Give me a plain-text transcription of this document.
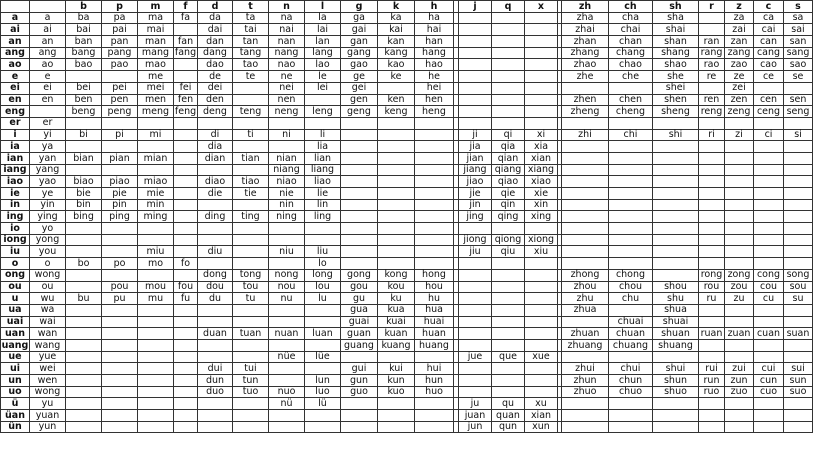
		b	p	m	f	d	t	n	l	g	k	h		j	q	x		zh	ch	sh	r	z	c	s
a	a	ba	pa	ma	fa	da	ta	na	la	ga	ka	ha						zha	cha	sha		za	ca	sa
ai	ai	bai	pai	mai		dai	tai	nai	lai	gai	kai	hai						zhai	chai	shai		zai	cai	sai
an	an	ban	pan	man	fan	dan	tan	nan	lan	gan	kan	han						zhan	chan	shan	ran	zan	can	san
ang	ang	bang	pang	mang	fang	dang	tang	nang	lang	gang	kang	hang						zhang	chang	shang	rang	zang	cang	sang
ao	ao	bao	pao	mao		dao	tao	nao	lao	gao	kao	hao						zhao	chao	shao	rao	zao	cao	sao
e	e			me		de	te	ne	le	ge	ke	he						zhe	che	she	re	ze	ce	se
ei	ei	bei	pei	mei	fei	dei		nei	lei	gei		hei								shei		zei		
en	en	ben	pen	men	fen	den		nen		gen	ken	hen						zhen	chen	shen	ren	zen	cen	sen
eng		beng	peng	meng	feng	deng	teng	neng	leng	geng	keng	heng						zheng	cheng	sheng	reng	zeng	ceng	seng
er	er																							
i	yi	bi	pi	mi		di	ti	ni	li					ji	qi	xi		zhi	chi	shi	ri	zi	ci	si
ia	ya					dia			lia					jia	qia	xia								
ian	yan	bian	pian	mian		dian	tian	nian	lian					jian	qian	xian								
iang	yang							niang	liang					jiang	qiang	xiang								
iao	yao	biao	piao	miao		diao	tiao	niao	liao					jiao	qiao	xiao								
ie	ye	bie	pie	mie		die	tie	nie	lie					jie	qie	xie								
in	yin	bin	pin	min				nin	lin					jin	qin	xin								
ing	ying	bing	ping	ming		ding	ting	ning	ling					jing	qing	xing								
io	yo																							
iong	yong													jiong	qiong	xiong								
iu	you			miu		diu		niu	liu					jiu	qiu	xiu								
o	o	bo	po	mo	fo				lo															
ong	wong					dong	tong	nong	long	gong	kong	hong						zhong	chong		rong	zong	cong	song
ou	ou		pou	mou	fou	dou	tou	nou	lou	gou	kou	hou						zhou	chou	shou	rou	zou	cou	sou
u	wu	bu	pu	mu	fu	du	tu	nu	lu	gu	ku	hu						zhu	chu	shu	ru	zu	cu	su
ua	wa									gua	kua	hua						zhua		shua				
uai	wai									guai	kuai	huai							chuai	shuai				
uan	wan					duan	tuan	nuan	luan	guan	kuan	huan						zhuan	chuan	shuan	ruan	zuan	cuan	suan
uang	wang									guang	kuang	huang						zhuang	chuang	shuang				
ue	yue							nüe	lüe					jue	que	xue								
ui	wei					dui	tui			gui	kui	hui						zhui	chui	shui	rui	zui	cui	sui
un	wen					dun	tun		lun	gun	kun	hun						zhun	chun	shun	run	zun	cun	sun
uo	wong					duo	tuo	nuo	luo	guo	kuo	huo						zhuo	chuo	shuo	ruo	zuo	cuo	suo
ü	yu							nü	lü					ju	qu	xu								
üan	yuan													juan	quan	xian								
ün	yun													jun	qun	xun								
